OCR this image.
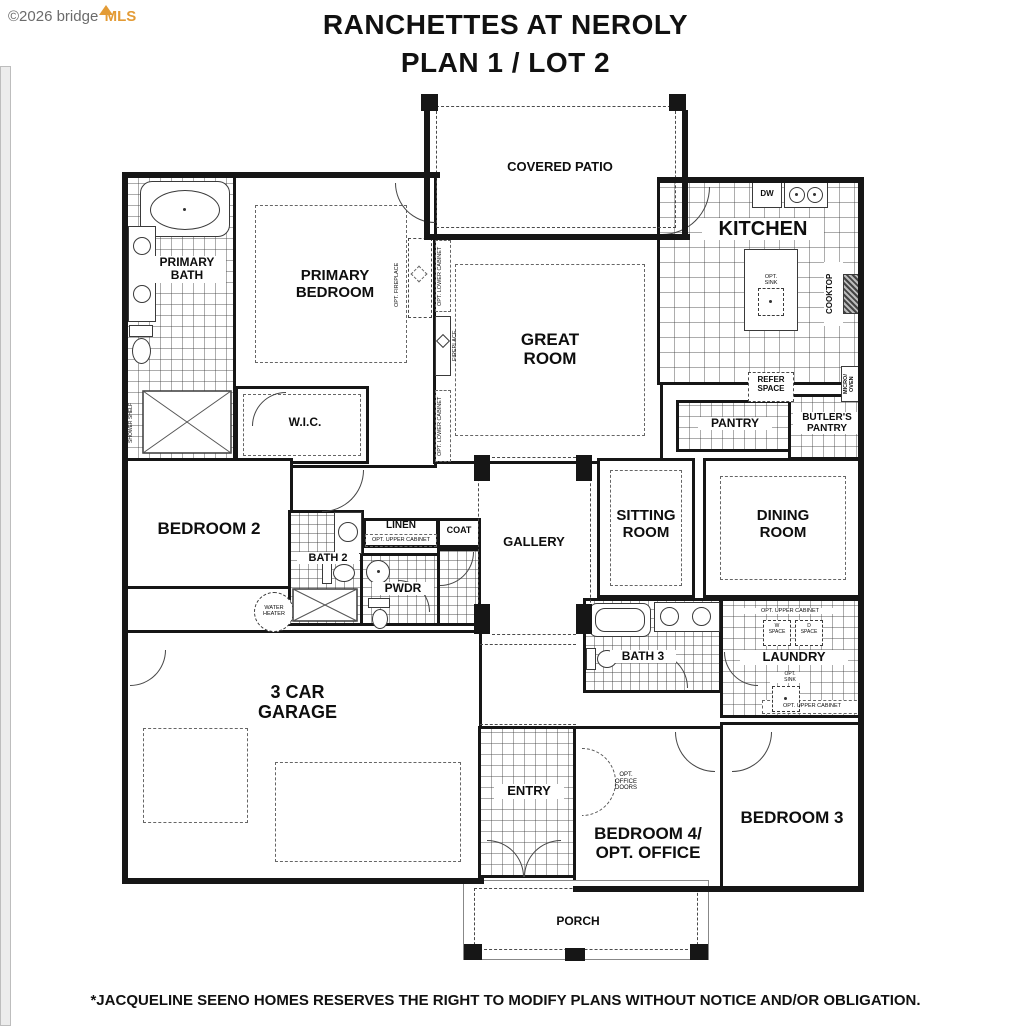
©2026 bridge MLS	RANCHETTES AT NEROLY
PLAN 1 / LOT 2
COVERED PATIO
PRIMARY
BATH	PRIMARY
BEDROOM
W.I.C.
GREAT
ROOM
KITCHEN
PANTRY	BUTLER'S
PANTRY
SITTING
ROOM
DINING
ROOM
GALLERY
BEDROOM 2
BATH 2
PWDR
LINEN	COAT
BATH 3	LAUNDRY
3 CAR
GARAGE
ENTRY
BEDROOM 4/
OPT. OFFICE
BEDROOM 3
PORCH
OPT. LOWER CABINET
OPT. LOWER CABINET
FIREPLACE
OPT. FIREPLACE
SHOWER SHELF
COOKTOP
MICRO/
OVEN
REFER
SPACE
WATER
HEATER
OPT. UPPER CABINET
OPT. UPPER CABINET
W
SPACE
D
SPACE
OPT.
SINK
OPT. UPPER CABINET
OPT.
OFFICE
DOORS
DW
OPT.
SINK
*JACQUELINE SEENO HOMES RESERVES THE RIGHT TO MODIFY PLANS WITHOUT NOTICE AND/OR OBLIGATION.
